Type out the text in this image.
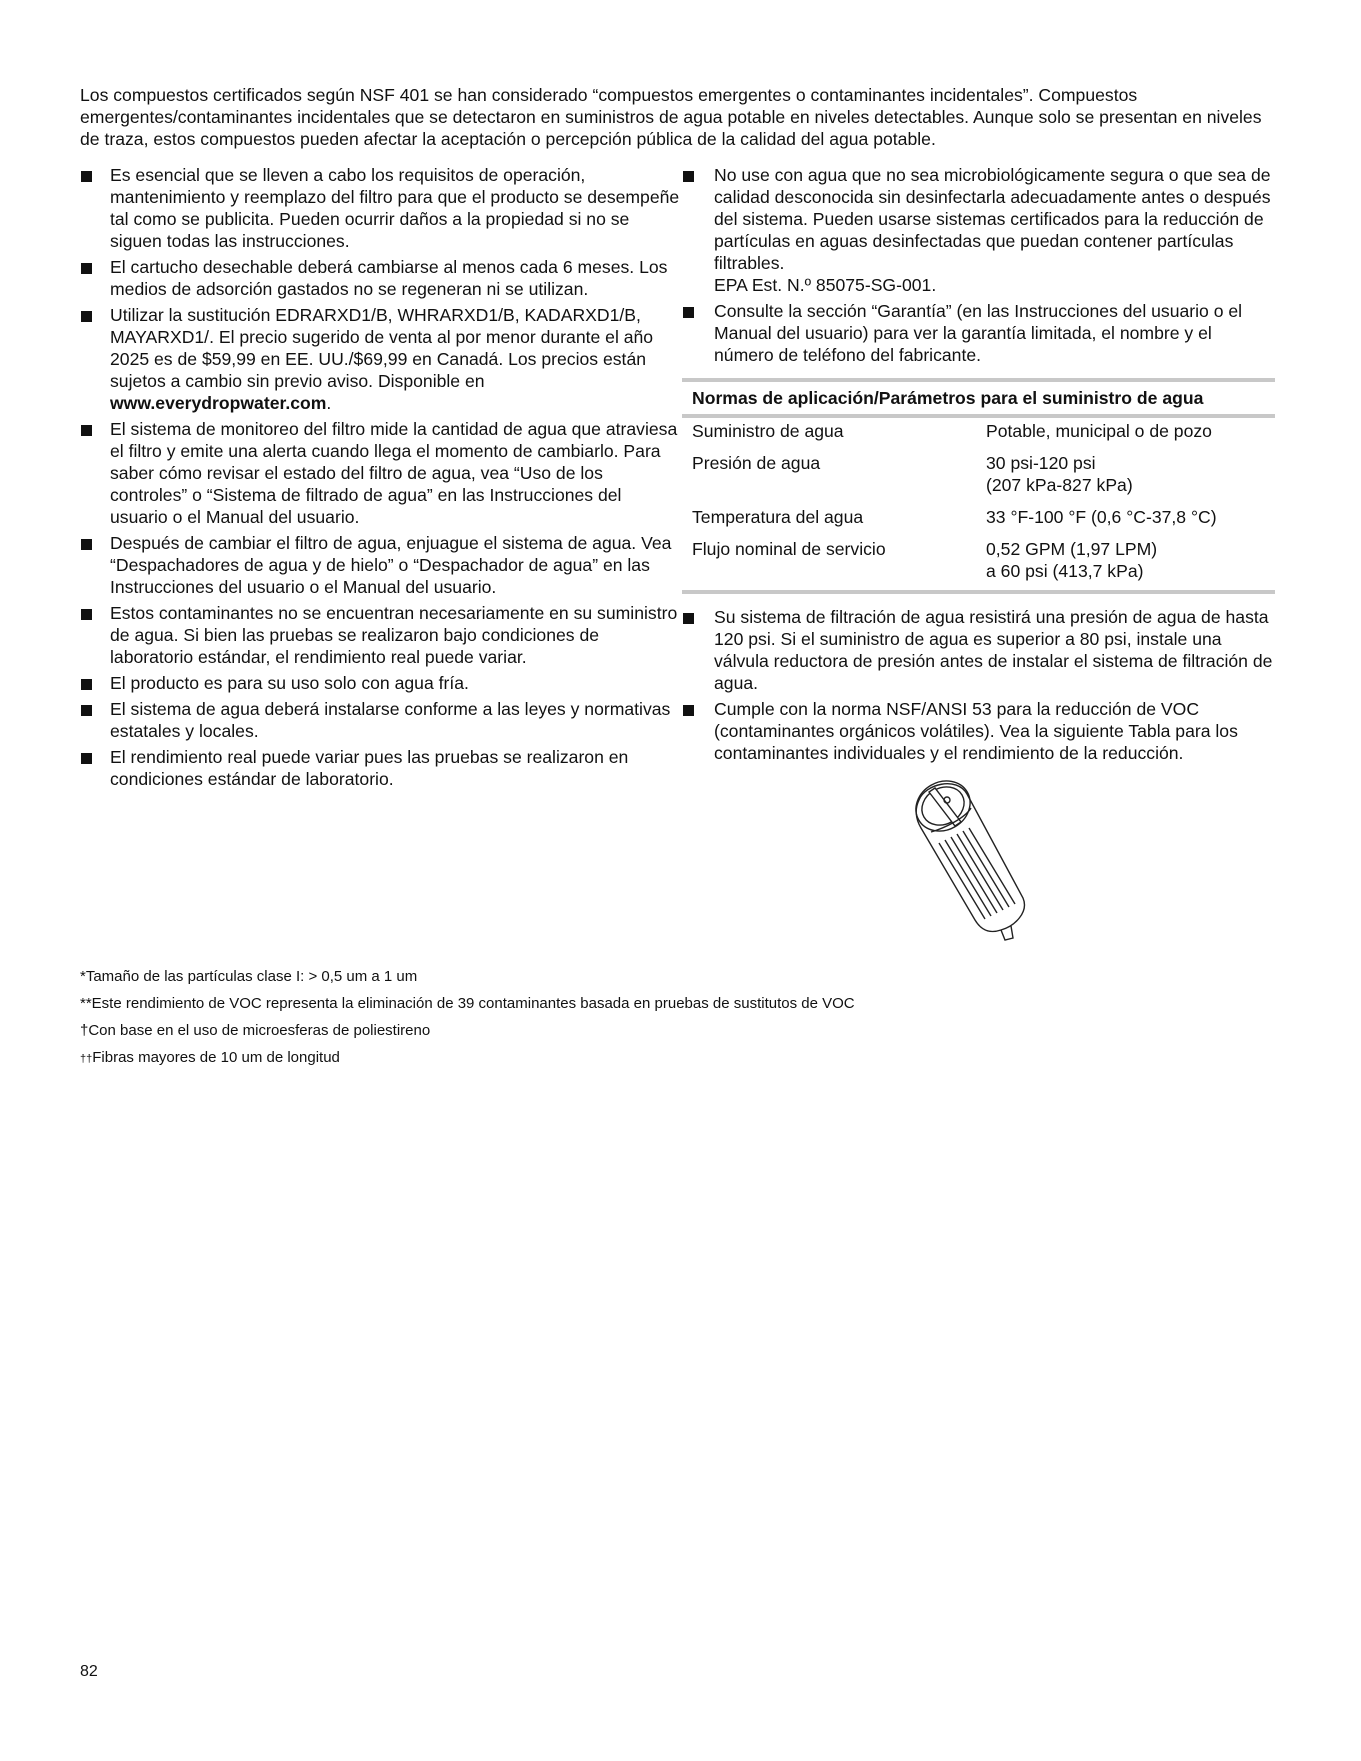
Los compuestos certificados según NSF 401 se han considerado “compuestos emergentes o contaminantes incidentales”. Compuestos emergentes/contaminantes incidentales que se detectaron en suministros de agua potable en niveles detectables. Aunque solo se presentan en niveles de traza, estos compuestos pueden afectar la aceptación o percepción pública de la calidad del agua potable.

Es esencial que se lleven a cabo los requisitos de operación, mantenimiento y reemplazo del filtro para que el producto se desempeñe tal como se publicita. Pueden ocurrir daños a la propiedad si no se siguen todas las instrucciones.
El cartucho desechable deberá cambiarse al menos cada 6 meses. Los medios de adsorción gastados no se regeneran ni se utilizan.
Utilizar la sustitución EDRARXD1/B, WHRARXD1/B, KADARXD1/B, MAYARXD1/. El precio sugerido de venta al por menor durante el año 2025 es de $59,99 en EE. UU./$69,99 en Canadá. Los precios están sujetos a cambio sin previo aviso. Disponible en www.everydropwater.com.
El sistema de monitoreo del filtro mide la cantidad de agua que atraviesa el filtro y emite una alerta cuando llega el momento de cambiarlo. Para saber cómo revisar el estado del filtro de agua, vea “Uso de los controles” o “Sistema de filtrado de agua” en las Instrucciones del usuario o el Manual del usuario.
Después de cambiar el filtro de agua, enjuague el sistema de agua. Vea “Despachadores de agua y de hielo” o “Despachador de agua” en las Instrucciones del usuario o el Manual del usuario.
Estos contaminantes no se encuentran necesariamente en su suministro de agua. Si bien las pruebas se realizaron bajo condiciones de laboratorio estándar, el rendimiento real puede variar.
El producto es para su uso solo con agua fría.
El sistema de agua deberá instalarse conforme a las leyes y normativas estatales y locales.
El rendimiento real puede variar pues las pruebas se realizaron en condiciones estándar de laboratorio.
No use con agua que no sea microbiológicamente segura o que sea de calidad desconocida sin desinfectarla adecuadamente antes o después del sistema. Pueden usarse sistemas certificados para la reducción de partículas en aguas desinfectadas que puedan contener partículas filtrables.
EPA Est. N.º 85075-SG-001.
Consulte la sección “Garantía” (en las Instrucciones del usuario o el Manual del usuario) para ver la garantía limitada, el nombre y el número de teléfono del fabricante.
Normas de aplicación/Parámetros para el suministro de agua
Suministro de agua	Potable, municipal o de pozo
Presión de agua	30 psi-120 psi
(207 kPa-827 kPa)
Temperatura del agua	33 °F-100 °F (0,6 °C-37,8 °C)
Flujo nominal de servicio	0,52 GPM (1,97 LPM)
a 60 psi (413,7 kPa)
Su sistema de filtración de agua resistirá una presión de agua de hasta 120 psi. Si el suministro de agua es superior a 80 psi, instale una válvula reductora de presión antes de instalar el sistema de filtración de agua.
Cumple con la norma NSF/ANSI 53 para la reducción de VOC (contaminantes orgánicos volátiles). Vea la siguiente Tabla para los contaminantes individuales y el rendimiento de la reducción.

*Tamaño de las partículas clase I: > 0,5 um a 1 um

**Este rendimiento de VOC representa la eliminación de 39 contaminantes basada en pruebas de sustitutos de VOC

†Con base en el uso de microesferas de poliestireno

††Fibras mayores de 10 um de longitud

82
